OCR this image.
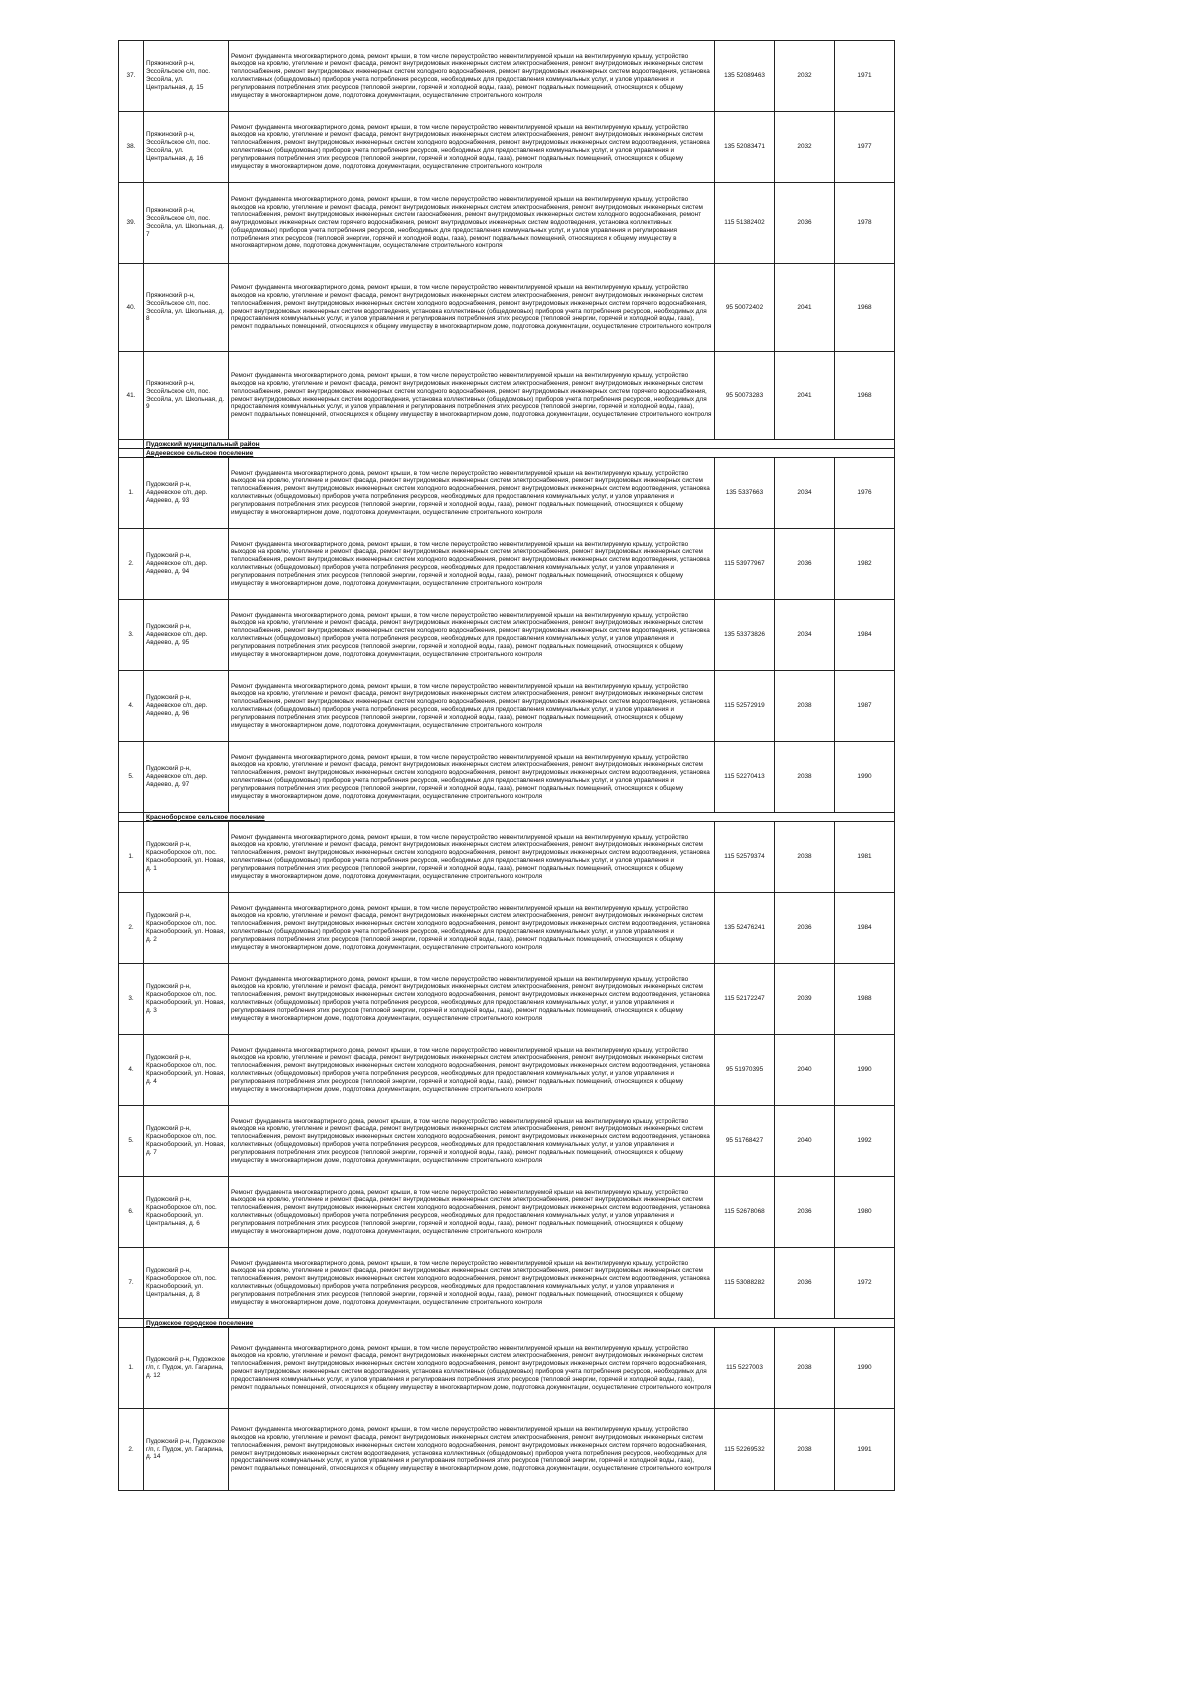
37.	Пряжинский р-н, Эссойльское с/п, пос. Эссойла, ул. Центральная, д. 15	Ремонт фундамента многоквартирного дома, ремонт крыши, в том числе переустройство невентилируемой крыши на вентилируемую крышу, устройство выходов на кровлю, утепление и ремонт фасада, ремонт внутридомовых инженерных систем электроснабжения, ремонт внутридомовых инженерных систем теплоснабжения, ремонт внутридомовых инженерных систем холодного водоснабжения, ремонт внутридомовых инженерных систем водоотведения, установка коллективных (общедомовых) приборов учета потребления ресурсов, необходимых для предоставления коммунальных услуг, и узлов управления и регулирования потребления этих ресурсов (тепловой энергии, горячей и холодной воды, газа), ремонт подвальных помещений, относящихся к общему имуществу в многоквартирном доме, подготовка документации, осуществление строительного контроля	135 52089463	2032	1971
38.	Пряжинский р-н, Эссойльское с/п, пос. Эссойла, ул. Центральная, д. 16	Ремонт фундамента многоквартирного дома, ремонт крыши, в том числе переустройство невентилируемой крыши на вентилируемую крышу, устройство выходов на кровлю, утепление и ремонт фасада, ремонт внутридомовых инженерных систем электроснабжения, ремонт внутридомовых инженерных систем теплоснабжения, ремонт внутридомовых инженерных систем холодного водоснабжения, ремонт внутридомовых инженерных систем водоотведения, установка коллективных (общедомовых) приборов учета потребления ресурсов, необходимых для предоставления коммунальных услуг, и узлов управления и регулирования потребления этих ресурсов (тепловой энергии, горячей и холодной воды, газа), ремонт подвальных помещений, относящихся к общему имуществу в многоквартирном доме, подготовка документации, осуществление строительного контроля	135 52083471	2032	1977
39.	Пряжинский р-н, Эссойльское с/п, пос. Эссойла, ул. Школьная, д. 7	Ремонт фундамента многоквартирного дома, ремонт крыши, в том числе переустройство невентилируемой крыши на вентилируемую крышу, устройство выходов на кровлю, утепление и ремонт фасада, ремонт внутридомовых инженерных систем электроснабжения, ремонт внутридомовых инженерных систем теплоснабжения, ремонт внутридомовых инженерных систем газоснабжения, ремонт внутридомовых инженерных систем холодного водоснабжения, ремонт внутридомовых инженерных систем горячего водоснабжения, ремонт внутридомовых инженерных систем водоотведения, установка коллективных (общедомовых) приборов учета потребления ресурсов, необходимых для предоставления коммунальных услуг, и узлов управления и регулирования потребления этих ресурсов (тепловой энергии, горячей и холодной воды, газа), ремонт подвальных помещений, относящихся к общему имуществу в многоквартирном доме, подготовка документации, осуществление строительного контроля	115 51382402	2036	1978
40.	Пряжинский р-н, Эссойльское с/п, пос. Эссойла, ул. Школьная, д. 8	Ремонт фундамента многоквартирного дома, ремонт крыши, в том числе переустройство невентилируемой крыши на вентилируемую крышу, устройство выходов на кровлю, утепление и ремонт фасада, ремонт внутридомовых инженерных систем электроснабжения, ремонт внутридомовых инженерных систем теплоснабжения, ремонт внутридомовых инженерных систем холодного водоснабжения, ремонт внутридомовых инженерных систем горячего водоснабжения, ремонт внутридомовых инженерных систем водоотведения, установка коллективных (общедомовых) приборов учета потребления ресурсов, необходимых для предоставления коммунальных услуг, и узлов управления и регулирования потребления этих ресурсов (тепловой энергии, горячей и холодной воды, газа), ремонт подвальных помещений, относящихся к общему имуществу в многоквартирном доме, подготовка документации, осуществление строительного контроля	95 50072402	2041	1968
41.	Пряжинский р-н, Эссойльское с/п, пос. Эссойла, ул. Школьная, д. 9	Ремонт фундамента многоквартирного дома, ремонт крыши, в том числе переустройство невентилируемой крыши на вентилируемую крышу, устройство выходов на кровлю, утепление и ремонт фасада, ремонт внутридомовых инженерных систем электроснабжения, ремонт внутридомовых инженерных систем теплоснабжения, ремонт внутридомовых инженерных систем холодного водоснабжения, ремонт внутридомовых инженерных систем горячего водоснабжения, ремонт внутридомовых инженерных систем водоотведения, установка коллективных (общедомовых) приборов учета потребления ресурсов, необходимых для предоставления коммунальных услуг, и узлов управления и регулирования потребления этих ресурсов (тепловой энергии, горячей и холодной воды, газа), ремонт подвальных помещений, относящихся к общему имуществу в многоквартирном доме, подготовка документации, осуществление строительного контроля	95 50073283	2041	1968
	Пудожский муниципальный район				
	Авдеевское сельское поселение				
1.	Пудожский р-н, Авдеевское с/п, дер. Авдеево, д. 93	Ремонт фундамента многоквартирного дома, ремонт крыши, в том числе переустройство невентилируемой крыши на вентилируемую крышу, устройство выходов на кровлю, утепление и ремонт фасада, ремонт внутридомовых инженерных систем электроснабжения, ремонт внутридомовых инженерных систем теплоснабжения, ремонт внутридомовых инженерных систем холодного водоснабжения, ремонт внутридомовых инженерных систем водоотведения, установка коллективных (общедомовых) приборов учета потребления ресурсов, необходимых для предоставления коммунальных услуг, и узлов управления и регулирования потребления этих ресурсов (тепловой энергии, горячей и холодной воды, газа), ремонт подвальных помещений, относящихся к общему имуществу в многоквартирном доме, подготовка документации, осуществление строительного контроля	135 5337663	2034	1976
2.	Пудожский р-н, Авдеевское с/п, дер. Авдеево, д. 94	Ремонт фундамента многоквартирного дома, ремонт крыши, в том числе переустройство невентилируемой крыши на вентилируемую крышу, устройство выходов на кровлю, утепление и ремонт фасада, ремонт внутридомовых инженерных систем электроснабжения, ремонт внутридомовых инженерных систем теплоснабжения, ремонт внутридомовых инженерных систем холодного водоснабжения, ремонт внутридомовых инженерных систем водоотведения, установка коллективных (общедомовых) приборов учета потребления ресурсов, необходимых для предоставления коммунальных услуг, и узлов управления и регулирования потребления этих ресурсов (тепловой энергии, горячей и холодной воды, газа), ремонт подвальных помещений, относящихся к общему имуществу в многоквартирном доме, подготовка документации, осуществление строительного контроля	115 53977967	2036	1982
3.	Пудожский р-н, Авдеевское с/п, дер. Авдеево, д. 95	Ремонт фундамента многоквартирного дома, ремонт крыши, в том числе переустройство невентилируемой крыши на вентилируемую крышу, устройство выходов на кровлю, утепление и ремонт фасада, ремонт внутридомовых инженерных систем электроснабжения, ремонт внутридомовых инженерных систем теплоснабжения, ремонт внутридомовых инженерных систем холодного водоснабжения, ремонт внутридомовых инженерных систем водоотведения, установка коллективных (общедомовых) приборов учета потребления ресурсов, необходимых для предоставления коммунальных услуг, и узлов управления и регулирования потребления этих ресурсов (тепловой энергии, горячей и холодной воды, газа), ремонт подвальных помещений, относящихся к общему имуществу в многоквартирном доме, подготовка документации, осуществление строительного контроля	135 53373826	2034	1984
4.	Пудожский р-н, Авдеевское с/п, дер. Авдеево, д. 96	Ремонт фундамента многоквартирного дома, ремонт крыши, в том числе переустройство невентилируемой крыши на вентилируемую крышу, устройство выходов на кровлю, утепление и ремонт фасада, ремонт внутридомовых инженерных систем электроснабжения, ремонт внутридомовых инженерных систем теплоснабжения, ремонт внутридомовых инженерных систем холодного водоснабжения, ремонт внутридомовых инженерных систем водоотведения, установка коллективных (общедомовых) приборов учета потребления ресурсов, необходимых для предоставления коммунальных услуг, и узлов управления и регулирования потребления этих ресурсов (тепловой энергии, горячей и холодной воды, газа), ремонт подвальных помещений, относящихся к общему имуществу в многоквартирном доме, подготовка документации, осуществление строительного контроля	115 52572919	2038	1987
5.	Пудожский р-н, Авдеевское с/п, дер. Авдеево, д. 97	Ремонт фундамента многоквартирного дома, ремонт крыши, в том числе переустройство невентилируемой крыши на вентилируемую крышу, устройство выходов на кровлю, утепление и ремонт фасада, ремонт внутридомовых инженерных систем электроснабжения, ремонт внутридомовых инженерных систем теплоснабжения, ремонт внутридомовых инженерных систем холодного водоснабжения, ремонт внутридомовых инженерных систем водоотведения, установка коллективных (общедомовых) приборов учета потребления ресурсов, необходимых для предоставления коммунальных услуг, и узлов управления и регулирования потребления этих ресурсов (тепловой энергии, горячей и холодной воды, газа), ремонт подвальных помещений, относящихся к общему имуществу в многоквартирном доме, подготовка документации, осуществление строительного контроля	115 52270413	2038	1990
	Красноборское сельское поселение				
1.	Пудожский р-н, Красноборское с/п, пос. Красноборский, ул. Новая, д. 1	Ремонт фундамента многоквартирного дома, ремонт крыши, в том числе переустройство невентилируемой крыши на вентилируемую крышу, устройство выходов на кровлю, утепление и ремонт фасада, ремонт внутридомовых инженерных систем электроснабжения, ремонт внутридомовых инженерных систем теплоснабжения, ремонт внутридомовых инженерных систем холодного водоснабжения, ремонт внутридомовых инженерных систем водоотведения, установка коллективных (общедомовых) приборов учета потребления ресурсов, необходимых для предоставления коммунальных услуг, и узлов управления и регулирования потребления этих ресурсов (тепловой энергии, горячей и холодной воды, газа), ремонт подвальных помещений, относящихся к общему имуществу в многоквартирном доме, подготовка документации, осуществление строительного контроля	115 52579374	2038	1981
2.	Пудожский р-н, Красноборское с/п, пос. Красноборский, ул. Новая, д. 2	Ремонт фундамента многоквартирного дома, ремонт крыши, в том числе переустройство невентилируемой крыши на вентилируемую крышу, устройство выходов на кровлю, утепление и ремонт фасада, ремонт внутридомовых инженерных систем электроснабжения, ремонт внутридомовых инженерных систем теплоснабжения, ремонт внутридомовых инженерных систем холодного водоснабжения, ремонт внутридомовых инженерных систем водоотведения, установка коллективных (общедомовых) приборов учета потребления ресурсов, необходимых для предоставления коммунальных услуг, и узлов управления и регулирования потребления этих ресурсов (тепловой энергии, горячей и холодной воды, газа), ремонт подвальных помещений, относящихся к общему имуществу в многоквартирном доме, подготовка документации, осуществление строительного контроля	135 52476241	2036	1984
3.	Пудожский р-н, Красноборское с/п, пос. Красноборский, ул. Новая, д. 3	Ремонт фундамента многоквартирного дома, ремонт крыши, в том числе переустройство невентилируемой крыши на вентилируемую крышу, устройство выходов на кровлю, утепление и ремонт фасада, ремонт внутридомовых инженерных систем электроснабжения, ремонт внутридомовых инженерных систем теплоснабжения, ремонт внутридомовых инженерных систем холодного водоснабжения, ремонт внутридомовых инженерных систем водоотведения, установка коллективных (общедомовых) приборов учета потребления ресурсов, необходимых для предоставления коммунальных услуг, и узлов управления и регулирования потребления этих ресурсов (тепловой энергии, горячей и холодной воды, газа), ремонт подвальных помещений, относящихся к общему имуществу в многоквартирном доме, подготовка документации, осуществление строительного контроля	115 52172247	2039	1988
4.	Пудожский р-н, Красноборское с/п, пос. Красноборский, ул. Новая, д. 4	Ремонт фундамента многоквартирного дома, ремонт крыши, в том числе переустройство невентилируемой крыши на вентилируемую крышу, устройство выходов на кровлю, утепление и ремонт фасада, ремонт внутридомовых инженерных систем электроснабжения, ремонт внутридомовых инженерных систем теплоснабжения, ремонт внутридомовых инженерных систем холодного водоснабжения, ремонт внутридомовых инженерных систем водоотведения, установка коллективных (общедомовых) приборов учета потребления ресурсов, необходимых для предоставления коммунальных услуг, и узлов управления и регулирования потребления этих ресурсов (тепловой энергии, горячей и холодной воды, газа), ремонт подвальных помещений, относящихся к общему имуществу в многоквартирном доме, подготовка документации, осуществление строительного контроля	95 51970395	2040	1990
5.	Пудожский р-н, Красноборское с/п, пос. Красноборский, ул. Новая, д. 7	Ремонт фундамента многоквартирного дома, ремонт крыши, в том числе переустройство невентилируемой крыши на вентилируемую крышу, устройство выходов на кровлю, утепление и ремонт фасада, ремонт внутридомовых инженерных систем электроснабжения, ремонт внутридомовых инженерных систем теплоснабжения, ремонт внутридомовых инженерных систем холодного водоснабжения, ремонт внутридомовых инженерных систем водоотведения, установка коллективных (общедомовых) приборов учета потребления ресурсов, необходимых для предоставления коммунальных услуг, и узлов управления и регулирования потребления этих ресурсов (тепловой энергии, горячей и холодной воды, газа), ремонт подвальных помещений, относящихся к общему имуществу в многоквартирном доме, подготовка документации, осуществление строительного контроля	95 51768427	2040	1992
6.	Пудожский р-н, Красноборское с/п, пос. Красноборский, ул. Центральная, д. 6	Ремонт фундамента многоквартирного дома, ремонт крыши, в том числе переустройство невентилируемой крыши на вентилируемую крышу, устройство выходов на кровлю, утепление и ремонт фасада, ремонт внутридомовых инженерных систем электроснабжения, ремонт внутридомовых инженерных систем теплоснабжения, ремонт внутридомовых инженерных систем холодного водоснабжения, ремонт внутридомовых инженерных систем водоотведения, установка коллективных (общедомовых) приборов учета потребления ресурсов, необходимых для предоставления коммунальных услуг, и узлов управления и регулирования потребления этих ресурсов (тепловой энергии, горячей и холодной воды, газа), ремонт подвальных помещений, относящихся к общему имуществу в многоквартирном доме, подготовка документации, осуществление строительного контроля	115 52678068	2036	1980
7.	Пудожский р-н, Красноборское с/п, пос. Красноборский, ул. Центральная, д. 8	Ремонт фундамента многоквартирного дома, ремонт крыши, в том числе переустройство невентилируемой крыши на вентилируемую крышу, устройство выходов на кровлю, утепление и ремонт фасада, ремонт внутридомовых инженерных систем электроснабжения, ремонт внутридомовых инженерных систем теплоснабжения, ремонт внутридомовых инженерных систем холодного водоснабжения, ремонт внутридомовых инженерных систем водоотведения, установка коллективных (общедомовых) приборов учета потребления ресурсов, необходимых для предоставления коммунальных услуг, и узлов управления и регулирования потребления этих ресурсов (тепловой энергии, горячей и холодной воды, газа), ремонт подвальных помещений, относящихся к общему имуществу в многоквартирном доме, подготовка документации, осуществление строительного контроля	115 53088282	2036	1972
	Пудожское городское поселение				
1.	Пудожский р-н, Пудожское г/п, г. Пудож, ул. Гагарина, д. 12	Ремонт фундамента многоквартирного дома, ремонт крыши, в том числе переустройство невентилируемой крыши на вентилируемую крышу, устройство выходов на кровлю, утепление и ремонт фасада, ремонт внутридомовых инженерных систем электроснабжения, ремонт внутридомовых инженерных систем теплоснабжения, ремонт внутридомовых инженерных систем холодного водоснабжения, ремонт внутридомовых инженерных систем горячего водоснабжения, ремонт внутридомовых инженерных систем водоотведения, установка коллективных (общедомовых) приборов учета потребления ресурсов, необходимых для предоставления коммунальных услуг, и узлов управления и регулирования потребления этих ресурсов (тепловой энергии, горячей и холодной воды, газа), ремонт подвальных помещений, относящихся к общему имуществу в многоквартирном доме, подготовка документации, осуществление строительного контроля	115 5227003	2038	1990
2.	Пудожский р-н, Пудожское г/п, г. Пудож, ул. Гагарина, д. 14	Ремонт фундамента многоквартирного дома, ремонт крыши, в том числе переустройство невентилируемой крыши на вентилируемую крышу, устройство выходов на кровлю, утепление и ремонт фасада, ремонт внутридомовых инженерных систем электроснабжения, ремонт внутридомовых инженерных систем теплоснабжения, ремонт внутридомовых инженерных систем холодного водоснабжения, ремонт внутридомовых инженерных систем горячего водоснабжения, ремонт внутридомовых инженерных систем водоотведения, установка коллективных (общедомовых) приборов учета потребления ресурсов, необходимых для предоставления коммунальных услуг, и узлов управления и регулирования потребления этих ресурсов (тепловой энергии, горячей и холодной воды, газа), ремонт подвальных помещений, относящихся к общему имуществу в многоквартирном доме, подготовка документации, осуществление строительного контроля	115 52269532	2038	1991
